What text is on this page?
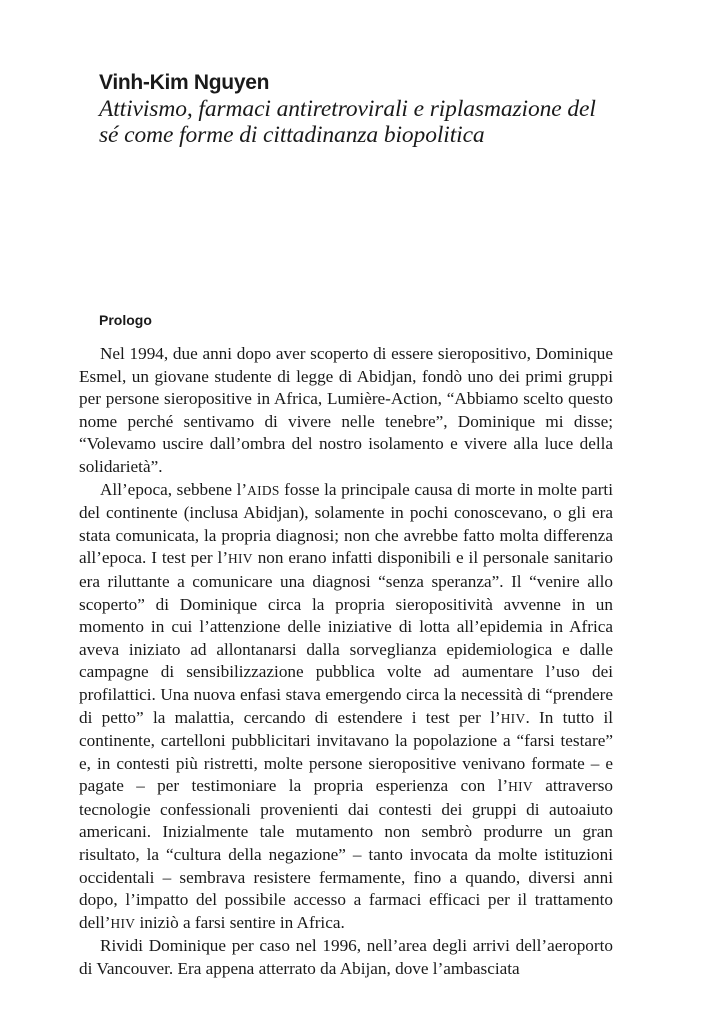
Vinh-Kim Nguyen
Attivismo, farmaci antiretrovirali e riplasmazione del
sé come forme di cittadinanza biopolitica
Prologo

Nel 1994, due anni dopo aver scoperto di essere sieropositivo, Dominique Esmel, un giovane studente di legge di Abidjan, fondò uno dei primi gruppi per persone sieropositive in Africa, Lumière-Action, “Abbiamo scelto questo nome perché sentivamo di vivere nelle tenebre”, Dominique mi disse; “Volevamo uscire dall’ombra del nostro isolamento e vivere alla luce della solidarietà”.

All’epoca, sebbene l’AIDS fosse la principale causa di morte in molte parti del continente (inclusa Abidjan), solamente in pochi conoscevano, o gli era stata comunicata, la propria diagnosi; non che avrebbe fatto molta differenza all’epoca. I test per l’HIV non erano infatti disponibili e il personale sanitario era riluttante a comunicare una diagnosi “senza speranza”. Il “venire allo scoperto” di Dominique circa la propria sieropositività avvenne in un momento in cui l’attenzione delle iniziative di lotta all’epidemia in Africa aveva iniziato ad allontanarsi dalla sorveglianza epidemiologica e dalle campagne di sensibilizzazione pubblica volte ad aumentare l’uso dei profilattici. Una nuova enfasi stava emergendo circa la necessità di “prendere di petto” la malattia, cercando di estendere i test per l’HIV. In tutto il continente, cartelloni pubblicitari invitavano la popolazione a “farsi testare” e, in contesti più ristretti, molte persone sieropositive venivano formate – e pagate – per testimoniare la propria esperienza con l’HIV attraverso tecnologie confessionali provenienti dai contesti dei gruppi di autoaiuto americani. Inizialmente tale mutamento non sembrò produrre un gran risultato, la “cultura della negazione” – tanto invocata da molte istituzioni occidentali – sembrava resistere fermamente, fino a quando, diversi anni dopo, l’impatto del possibile accesso a farmaci efficaci per il trattamento dell’HIV iniziò a farsi sentire in Africa.

Rividi Dominique per caso nel 1996, nell’area degli arrivi dell’aeroporto di Vancouver. Era appena atterrato da Abijan, dove l’ambasciata
